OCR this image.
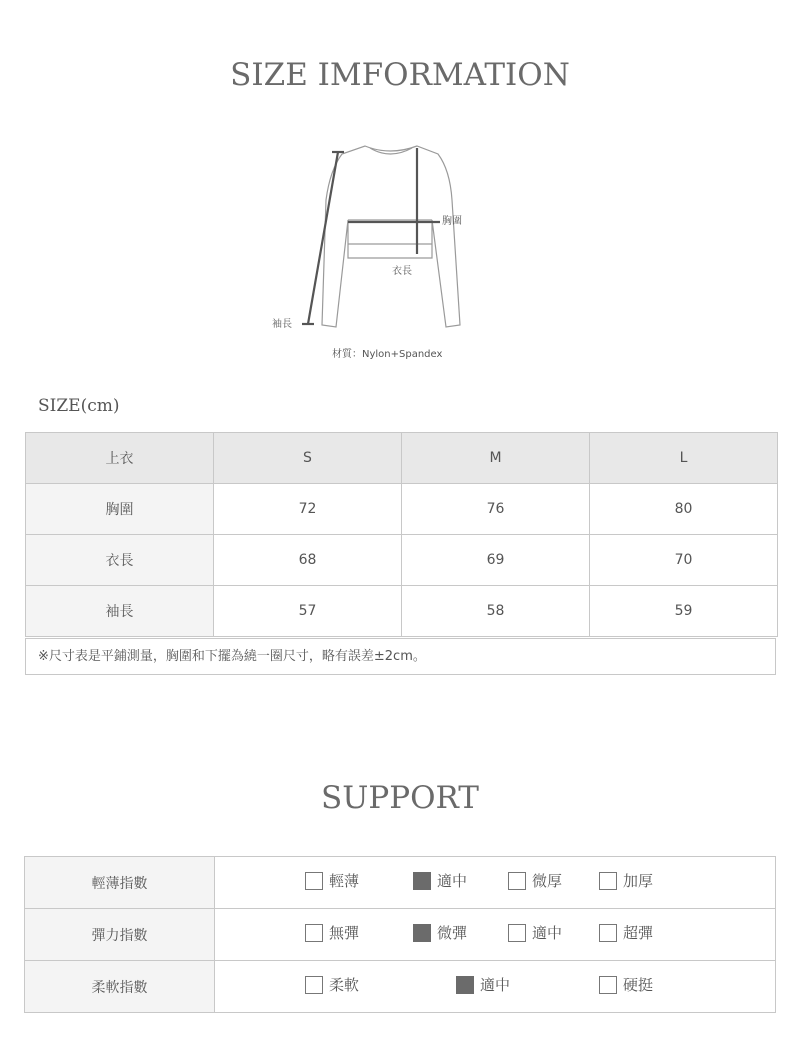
SIZE IMFORMATION
胸圍
衣長
袖長
材質：Nylon+Spandex
SIZE(cm)
上衣	S	M	L
胸圍	72	76	80
衣長	68	69	70
袖長	57	58	59
※尺寸表是平鋪測量，胸圍和下擺為繞一圈尺寸，略有誤差±2cm。
SUPPORT
輕薄指數	輕薄 適中 微厚 加厚

彈力指數	無彈 微彈 適中 超彈

柔軟指數	柔軟 適中 硬挺
